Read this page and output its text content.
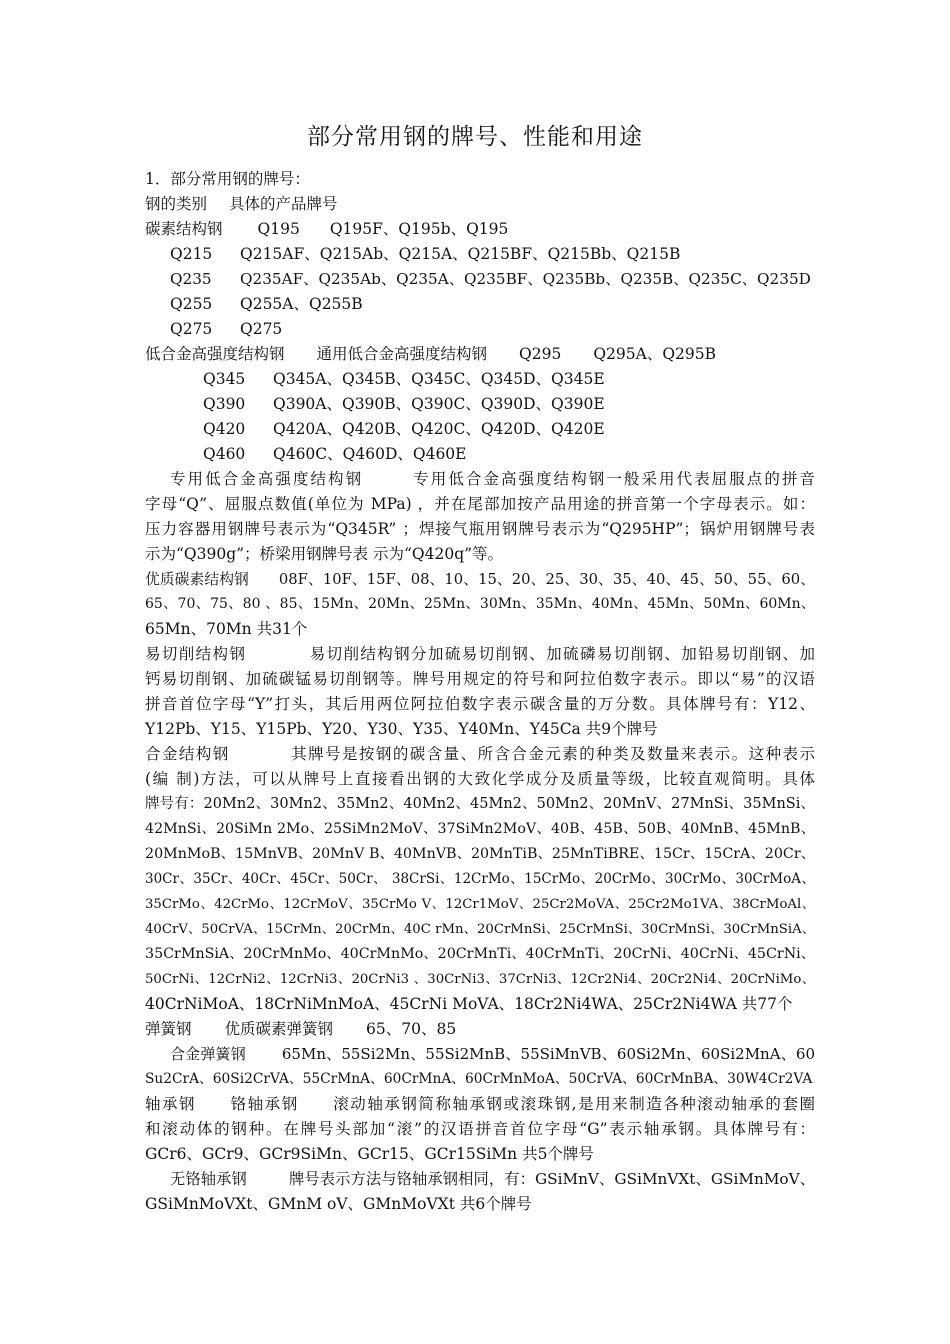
部分常用钢的牌号、性能和用途
1．部分常用钢的牌号：
钢的类别 具体的产品牌号
碳素结构钢 Q195 Q195F、Q195b、Q195
Q215 Q215AF、Q215Ab、Q215A、Q215BF、Q215Bb、Q215B
Q235 Q235AF、Q235Ab、Q235A、Q235BF、Q235Bb、Q235B、Q235C、Q235D
Q255 Q255A、Q255B
Q275 Q275
低合金高强度结构钢 通用低合金高强度结构钢 Q295 Q295A、Q295B
Q345 Q345A、Q345B、Q345C、Q345D、Q345E
Q390 Q390A、Q390B、Q390C、Q390D、Q390E
Q420 Q420A、Q420B、Q420C、Q420D、Q420E
Q460 Q460C、Q460D、Q460E
专用低合金高强度结构钢	专用低合金高强度结构钢一般采用代表屈服点的拼音
字母“Q”、屈服点数值(单位为 MPa) ，并在尾部加按产品用途的拼音第一个字母表示。如：
压力容器用钢牌号表示为“Q345R” ；焊接气瓶用钢牌号表示为“Q295HP”；锅炉用钢牌号表
示为“Q390g”；桥梁用钢牌号表 示为“Q420q”等。
优质碳素结构钢 08F、10F、15F、08、10、15、20、25、30、35、40、45、50、55、60、
65、70、75、80 、85、15Mn、20Mn、25Mn、30Mn、35Mn、40Mn、45Mn、50Mn、60Mn、
65Mn、70Mn 共31个
易切削结构钢	易切削结构钢分加硫易切削钢、加硫磷易切削钢、加铅易切削钢、加
钙易切削钢、加硫碳锰易切削钢等。牌号用规定的符号和阿拉伯数字表示。即以“易”的汉语
拼音首位字母“Y”打头，其后用两位阿拉伯数字表示碳含量的万分数。具体牌号有：Y12、
Y12Pb、Y15、Y15Pb、Y20、Y30、Y35、Y40Mn、Y45Ca 共9个牌号
合金结构钢	其牌号是按钢的碳含量、所含合金元素的种类及数量来表示。这种表示
(编 制)方法，可以从牌号上直接看出钢的大致化学成分及质量等级，比较直观简明。具体
牌号有：20Mn2、30Mn2、35Mn2、40Mn2、45Mn2、50Mn2、20MnV、27MnSi、35MnSi、
42MnSi、20SiMn 2Mo、25SiMn2MoV、37SiMn2MoV、40B、45B、50B、40MnB、45MnB、
20MnMoB、15MnVB、20MnV B、40MnVB、20MnTiB、25MnTiBRE、15Cr、15CrA、20Cr、
30Cr、35Cr、40Cr、45Cr、50Cr、 38CrSi、12CrMo、15CrMo、20CrMo、30CrMo、30CrMoA、
35CrMo、42CrMo、12CrMoV、35CrMo V、12Cr1MoV、25Cr2MoVA、25Cr2Mo1VA、38CrMoAl、
40CrV、50CrVA、15CrMn、20CrMn、40C rMn、20CrMnSi、25CrMnSi、30CrMnSi、30CrMnSiA、
35CrMnSiA、20CrMnMo、40CrMnMo、20CrMnTi、40CrMnTi、20CrNi、40CrNi、45CrNi、
50CrNi、12CrNi2、12CrNi3、20CrNi3 、30CrNi3、37CrNi3、12Cr2Ni4、20Cr2Ni4、20CrNiMo、
40CrNiMoA、18CrNiMnMoA、45CrNi MoVA、18Cr2Ni4WA、25Cr2Ni4WA 共77个
弹簧钢 优质碳素弹簧钢 65、70、85
合金弹簧钢 65Mn、55Si2Mn、55Si2MnB、55SiMnVB、60Si2Mn、60Si2MnA、60
Su2CrA、60Si2CrVA、55CrMnA、60CrMnA、60CrMnMoA、50CrVA、60CrMnBA、30W4Cr2VA
轴承钢 铬轴承钢 滚动轴承钢简称轴承钢或滚珠钢,是用来制造各种滚动轴承的套圈
和滚动体的钢种。在牌号头部加“滚”的汉语拼音首位字母“G”表示轴承钢。具体牌号有：
GCr6、GCr9、GCr9SiMn、GCr15、GCr15SiMn 共5个牌号
无铬轴承钢	牌号表示方法与铬轴承钢相同，有：GSiMnV、GSiMnVXt、GSiMnMoV、
GSiMnMoVXt、GMnM oV、GMnMoVXt 共6个牌号
